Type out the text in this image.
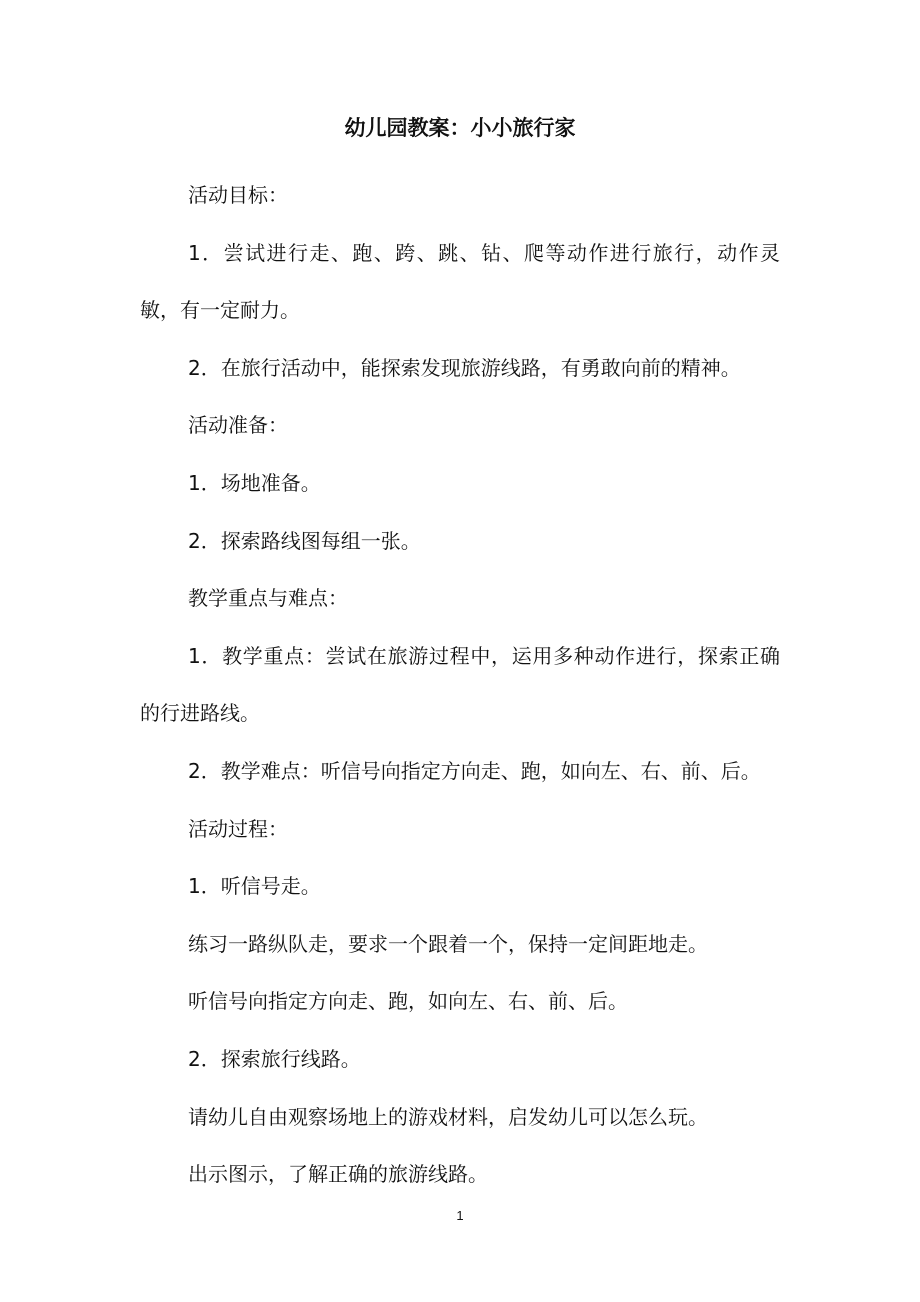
幼儿园教案：小小旅行家

活动目标：

1．尝试进行走、跑、跨、跳、钻、爬等动作进行旅行，动作灵敏，有一定耐力。

2．在旅行活动中，能探索发现旅游线路，有勇敢向前的精神。

活动准备：

1．场地准备。

2．探索路线图每组一张。

教学重点与难点：

1．教学重点：尝试在旅游过程中，运用多种动作进行，探索正确的行进路线。

2．教学难点：听信号向指定方向走、跑，如向左、右、前、后。

活动过程：

1．听信号走。

练习一路纵队走，要求一个跟着一个，保持一定间距地走。

听信号向指定方向走、跑，如向左、右、前、后。

2．探索旅行线路。

请幼儿自由观察场地上的游戏材料，启发幼儿可以怎么玩。

出示图示，了解正确的旅游线路。

1
